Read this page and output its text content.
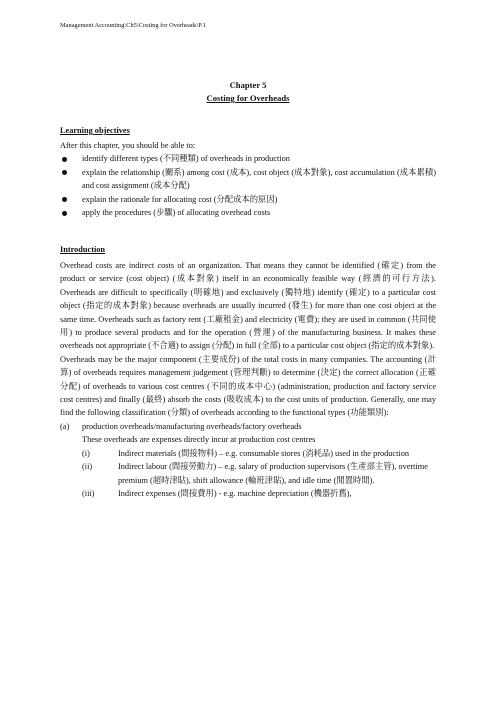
Management Accounting\Ch5\Costing for Overheads\P.1
Chapter 5
Costing for Overheads
Learning objectives

After this chapter, you should be able to:

identify different types (不同種類) of overheads in production

explain the relationship (關系) among cost (成本), cost object (成本對象), cost accumulation (成本累積) and cost assignment (成本分配)

explain the rationale for allocating cost (分配成本的原因)

apply the procedures (步驟) of allocating overhead costs

Introduction

Overhead costs are indirect costs of an organization. That means they cannot be identified (確定) from the product or service (cost object) (成本對象) itself in an economically feasible way (經濟的可行方法). Overheads are difficult to specifically (明確地) and exclusively (獨特地) identify (確定) to a particular cost object (指定的成本對象) because overheads are usually incurred (發生) for more than one cost object at the same time. Overheads such as factory rent (工廠租金) and electricity (電費); they are used in common (共同使用) to produce several products and for the operation (營運) of the manufacturing business. It makes these overheads not appropriate (不合適) to assign (分配) in full (全部) to a particular cost object (指定的成本對象).

Overheads may be the major component (主要成份) of the total costs in many companies. The accounting (計算) of overheads requires management judgement (管理判斷) to determine (決定) the correct allocation (正確分配) of overheads to various cost centres (不同的成本中心) (administration, production and factory service cost centres) and finally (最終) absorb the costs (吸收成本) to the cost units of production. Generally, one may find the following classification (分類) of overheads according to the functional types (功能類別):

(a) production overheads/manufacturing overheads/factory overheads

These overheads are expenses directly incur at production cost centres

(i)	Indirect materials (間接物料) – e.g. consumable stores (消耗品) used in the production
(ii)	Indirect labour (間接勞動力) – e.g. salary of production supervisors (生產部主管), overtime premium (超時津貼), shift allowance (輪班津貼), and idle time (閒置時間).
(iii)	Indirect expenses (間接費用) - e.g. machine depreciation (機器折舊),
